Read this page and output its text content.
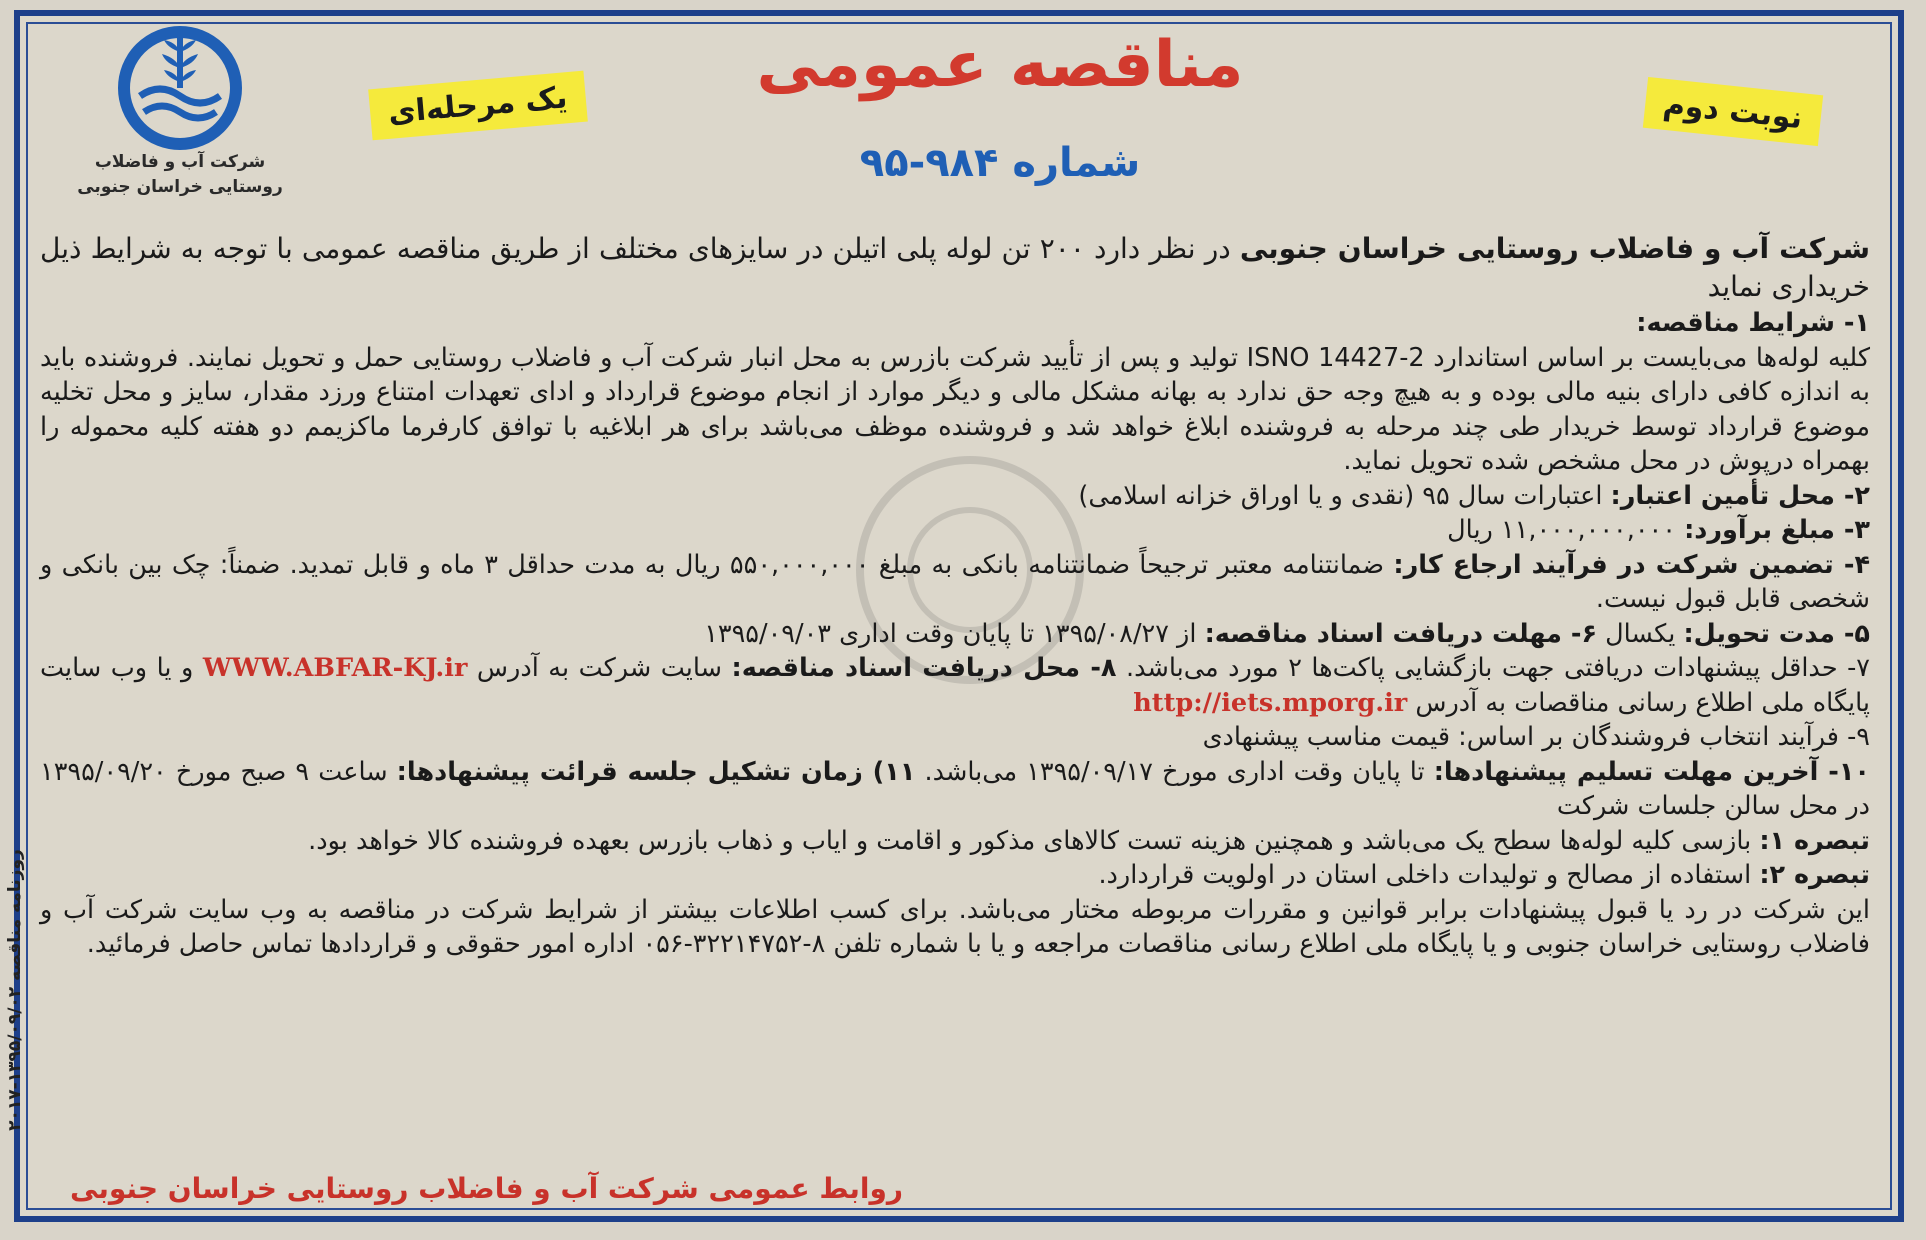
شرکت آب و فاضلاب روستایی خراسان جنوبی
یک مرحله‌ای
مناقصه عمومی
شماره ۹۸۴-۹۵
نوبت دوم

شرکت آب و فاضلاب روستایی خراسان جنوبی در نظر دارد ۲۰۰ تن لوله پلی اتیلن در سایزهای مختلف از طریق مناقصه عمومی با توجه به شرایط ذیل خریداری نماید

۱- شرایط مناقصه:

کلیه لوله‌ها می‌بایست بر اساس استاندارد ISNO 14427-2 تولید و پس از تأیید شرکت بازرس به محل انبار شرکت آب و فاضلاب روستایی حمل و تحویل نمایند. فروشنده باید به اندازه کافی دارای بنیه مالی بوده و به هیچ وجه حق ندارد به بهانه مشکل مالی و دیگر موارد از انجام موضوع قرارداد و ادای تعهدات امتناع ورزد مقدار، سایز و محل تخلیه موضوع قرارداد توسط خریدار طی چند مرحله به فروشنده ابلاغ خواهد شد و فروشنده موظف می‌باشد برای هر ابلاغیه با توافق کارفرما ماکزیمم دو هفته کلیه محموله را بهمراه درپوش در محل مشخص شده تحویل نماید.

۲- محل تأمین اعتبار: اعتبارات سال ۹۵ (نقدی و یا اوراق خزانه اسلامی)

۳- مبلغ برآورد: ۱۱,۰۰۰,۰۰۰,۰۰۰ ریال

۴- تضمین شرکت در فرآیند ارجاع کار: ضمانتنامه معتبر ترجیحاً ضمانتنامه بانکی به مبلغ ۵۵۰,۰۰۰,۰۰۰ ریال به مدت حداقل ۳ ماه و قابل تمدید. ضمناً: چک بین بانکی و شخصی قابل قبول نیست.

۵- مدت تحویل: یکسال ۶- مهلت دریافت اسناد مناقصه: از ۱۳۹۵/۰۸/۲۷ تا پایان وقت اداری ۱۳۹۵/۰۹/۰۳

۷- حداقل پیشنهادات دریافتی جهت بازگشایی پاکت‌ها ۲ مورد می‌باشد. ۸- محل دریافت اسناد مناقصه: سایت شرکت به آدرس WWW.ABFAR-KJ.ir و یا وب سایت پایگاه ملی اطلاع رسانی مناقصات به آدرس http://iets.mporg.ir

۹- فرآیند انتخاب فروشندگان بر اساس: قیمت مناسب پیشنهادی

۱۰- آخرین مهلت تسلیم پیشنهادها: تا پایان وقت اداری مورخ ۱۳۹۵/۰۹/۱۷ می‌باشد. ۱۱) زمان تشکیل جلسه قرائت پیشنهادها: ساعت ۹ صبح مورخ ۱۳۹۵/۰۹/۲۰ در محل سالن جلسات شرکت

تبصره ۱: بازسی کلیه لوله‌ها سطح یک می‌باشد و همچنین هزینه تست کالاهای مذکور و اقامت و ایاب و ذهاب بازرس بعهده فروشنده کالا خواهد بود.

تبصره ۲: استفاده از مصالح و تولیدات داخلی استان در اولویت قراردارد.

این شرکت در رد یا قبول پیشنهادات برابر قوانین و مقررات مربوطه مختار می‌باشد. برای کسب اطلاعات بیشتر از شرایط شرکت در مناقصه به وب سایت شرکت آب و فاضلاب روستایی خراسان جنوبی و یا پایگاه ملی اطلاع رسانی مناقصات مراجعه و یا با شماره تلفن ۸-۳۲۲۱۴۷۵۲-۰۵۶ اداره امور حقوقی و قراردادها تماس حاصل فرمائید.

روابط عمومی شرکت آب و فاضلاب روستایی خراسان جنوبی
روزنامه مناقصه ۱۳۹۵/۰۹/۰۲-۲۰۱۷
